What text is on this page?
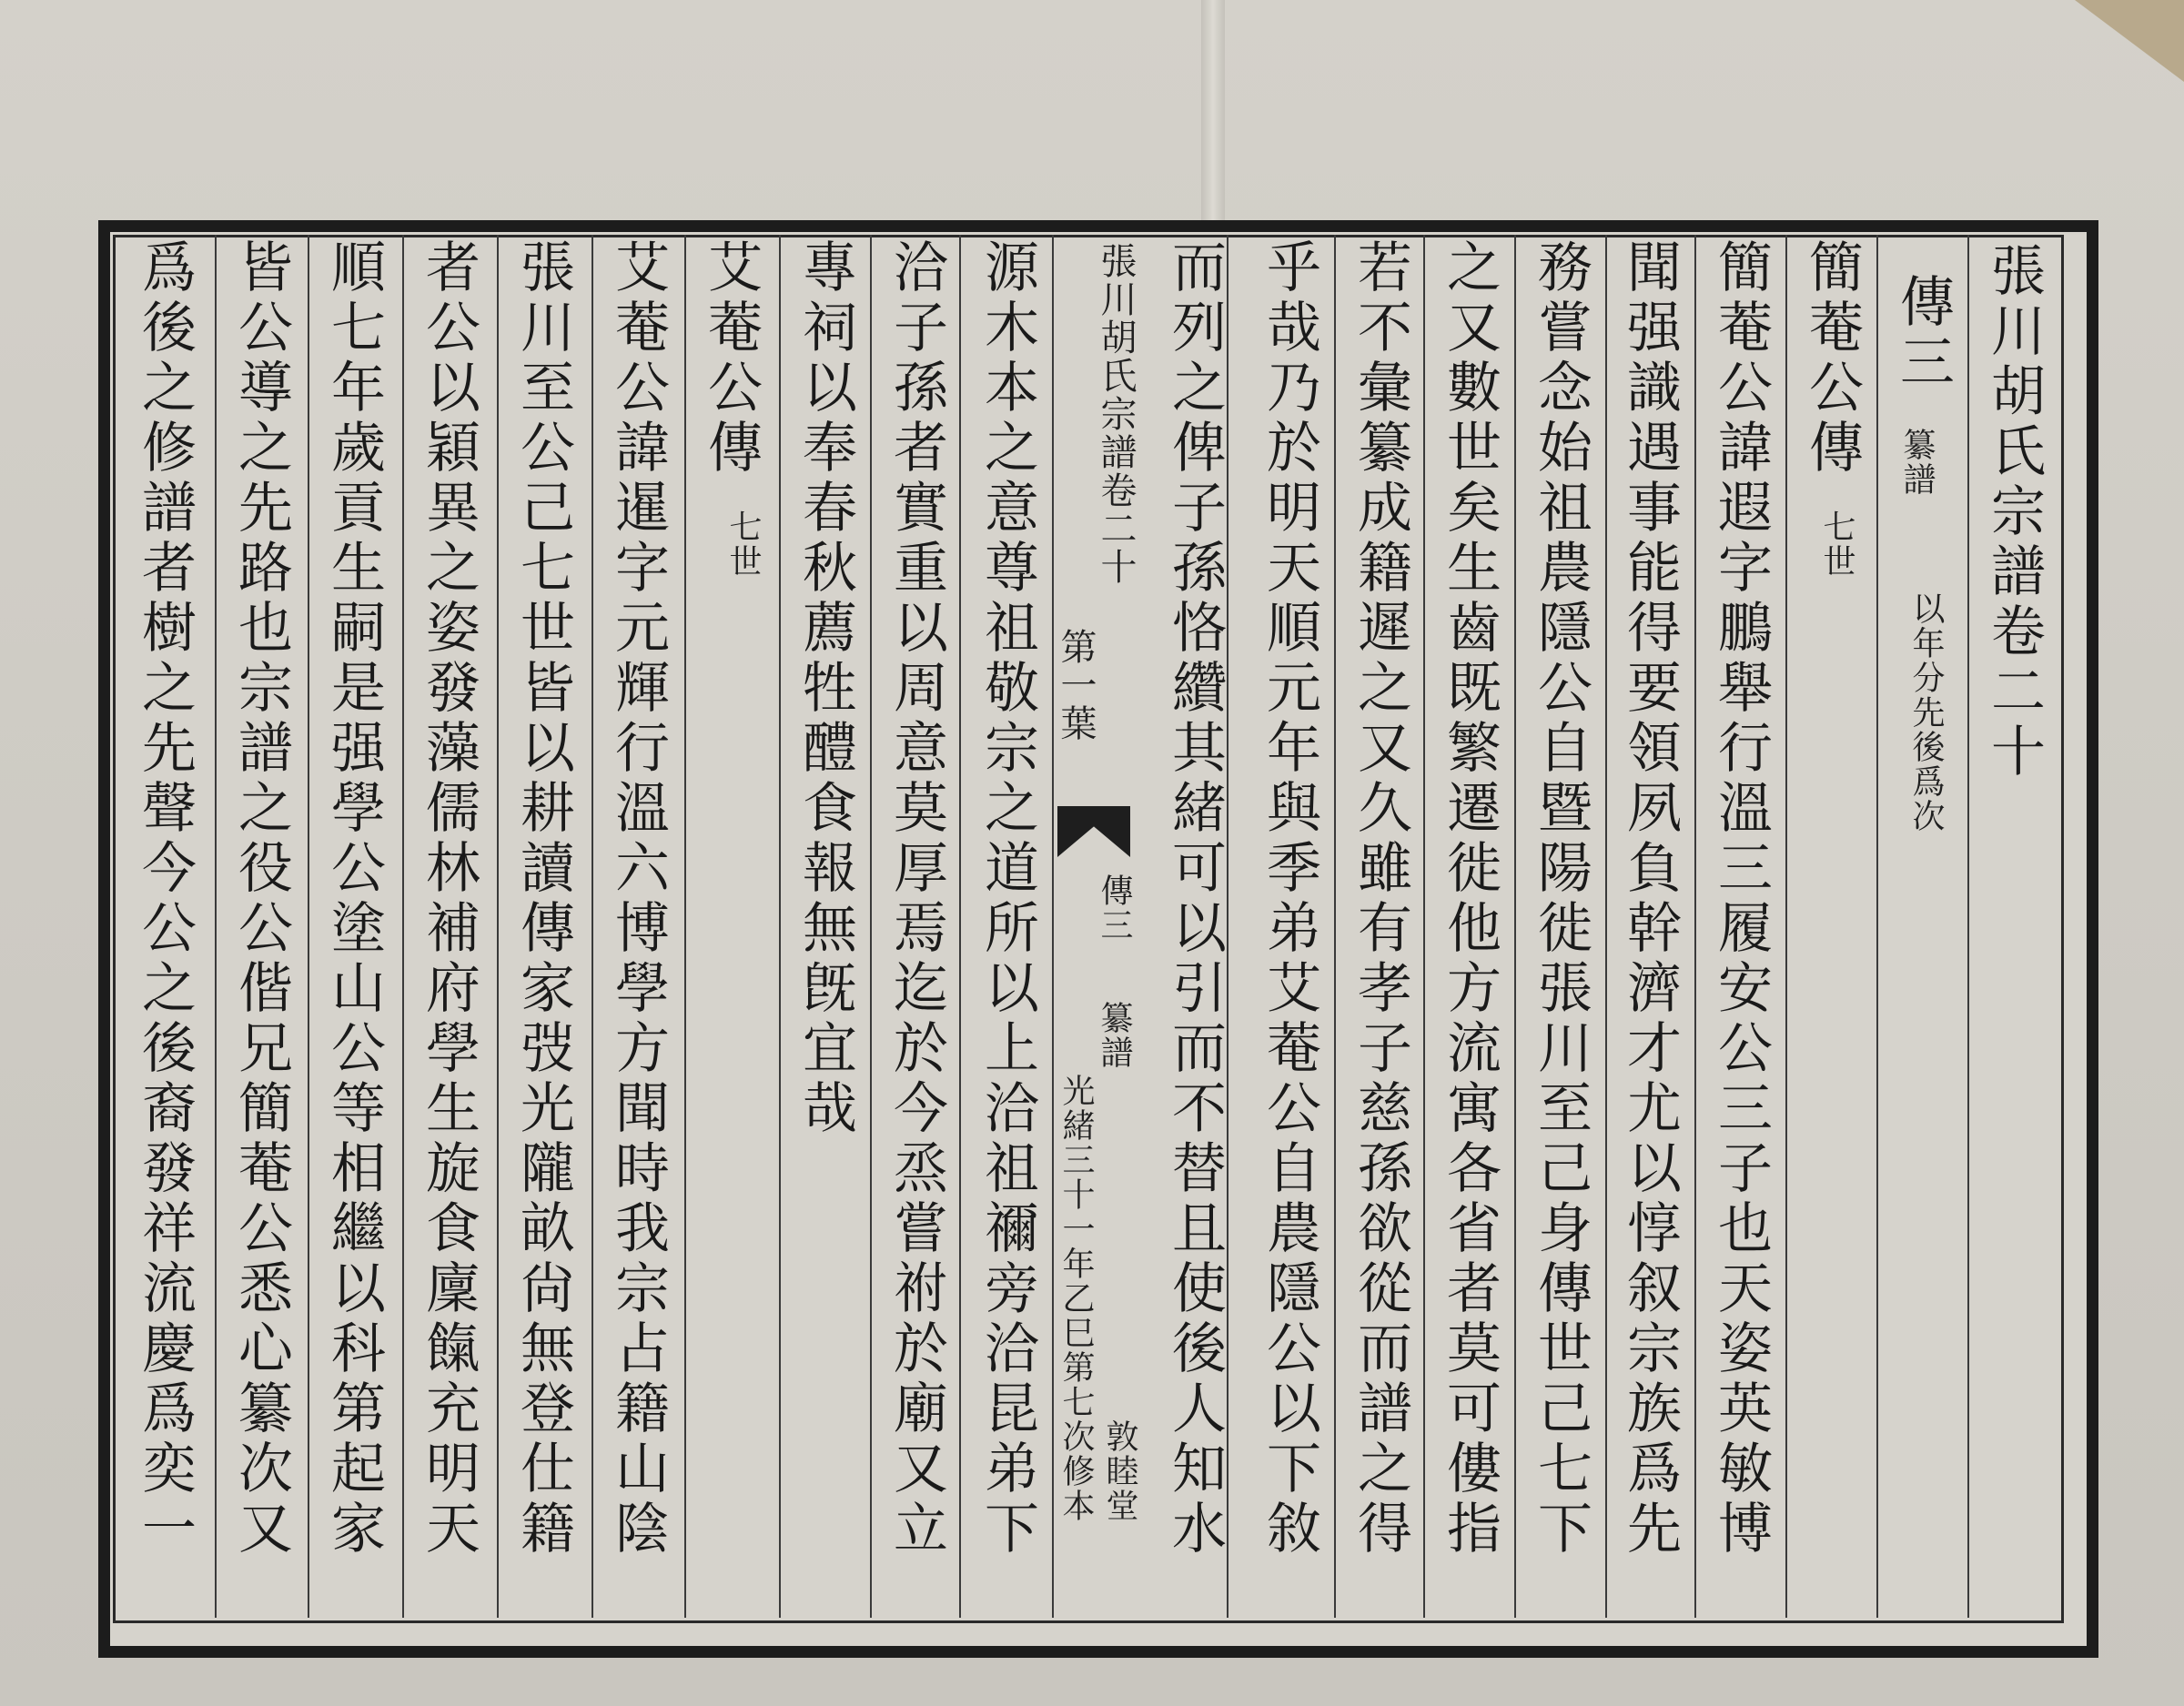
張川胡氏宗譜卷二十
傳三
纂譜
以年分先後爲次
簡菴公傳
七世
簡菴公諱遐字鵬舉行溫三履安公三子也天姿英敏博
聞强識遇事能得要領夙負幹濟才尤以惇叙宗族爲先
務嘗念始祖農隱公自暨陽徙張川至己身傳世己七下
之又數世矣生齒既繁遷徙他方流寓各省者莫可僂指
若不彙纂成籍遲之又久雖有孝子慈孫欲從而譜之得
乎哉乃於明天順元年與季弟艾菴公自農隱公以下敘
而列之俾子孫恪纘其緒可以引而不替且使後人知水
張川胡氏宗譜卷二十
第一葉
傳三
纂譜
敦睦堂
光緒三十一年乙巳第七次修本
源木本之意尊祖敬宗之道所以上洽祖禰旁洽昆弟下
洽子孫者實重以周意莫厚焉迄於今烝嘗祔於廟又立
專祠以奉春秋薦牲醴食報無旣宜哉
艾菴公傳
七世
艾菴公諱暹字元輝行溫六博學方聞時我宗占籍山陰
張川至公己七世皆以耕讀傳家弢光隴畝尙無登仕籍
者公以穎異之姿發藻儒林補府學生旋食廩餼充明天
順七年歲貢生嗣是强學公塗山公等相繼以科第起家
皆公導之先路也宗譜之役公偕兄簡菴公悉心纂次又
爲後之修譜者樹之先聲今公之後裔發祥流慶爲奕一
